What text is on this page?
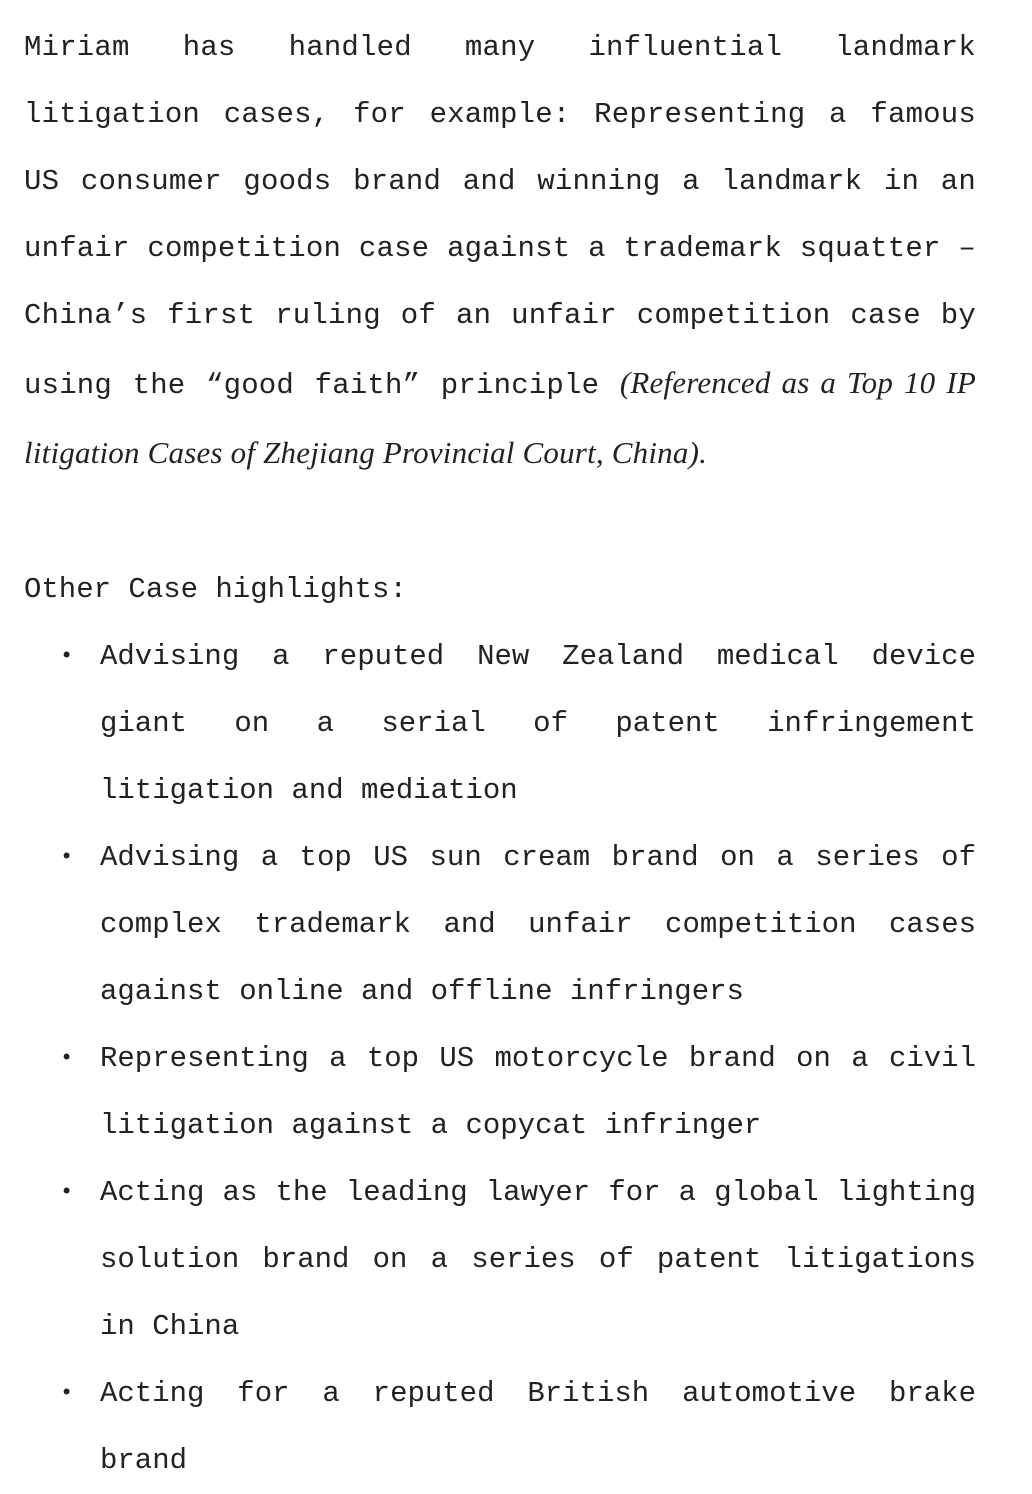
Miriam has handled many influential landmark litigation cases, for example: Representing a famous US consumer goods brand and winning a landmark in an unfair competition case against a trademark squatter – China’s first ruling of an unfair competition case by using the “good faith” principle (Referenced as a Top 10 IP litigation Cases of Zhejiang Provincial Court, China).

Other Case highlights:

• Advising a reputed New Zealand medical device giant on a serial of patent infringement litigation and mediation
• Advising a top US sun cream brand on a series of complex trademark and unfair competition cases against online and offline infringers
• Representing a top US motorcycle brand on a civil litigation against a copycat infringer
• Acting as the leading lawyer for a global lighting solution brand on a series of patent litigations in China
• Acting for a reputed British automotive brake brand
